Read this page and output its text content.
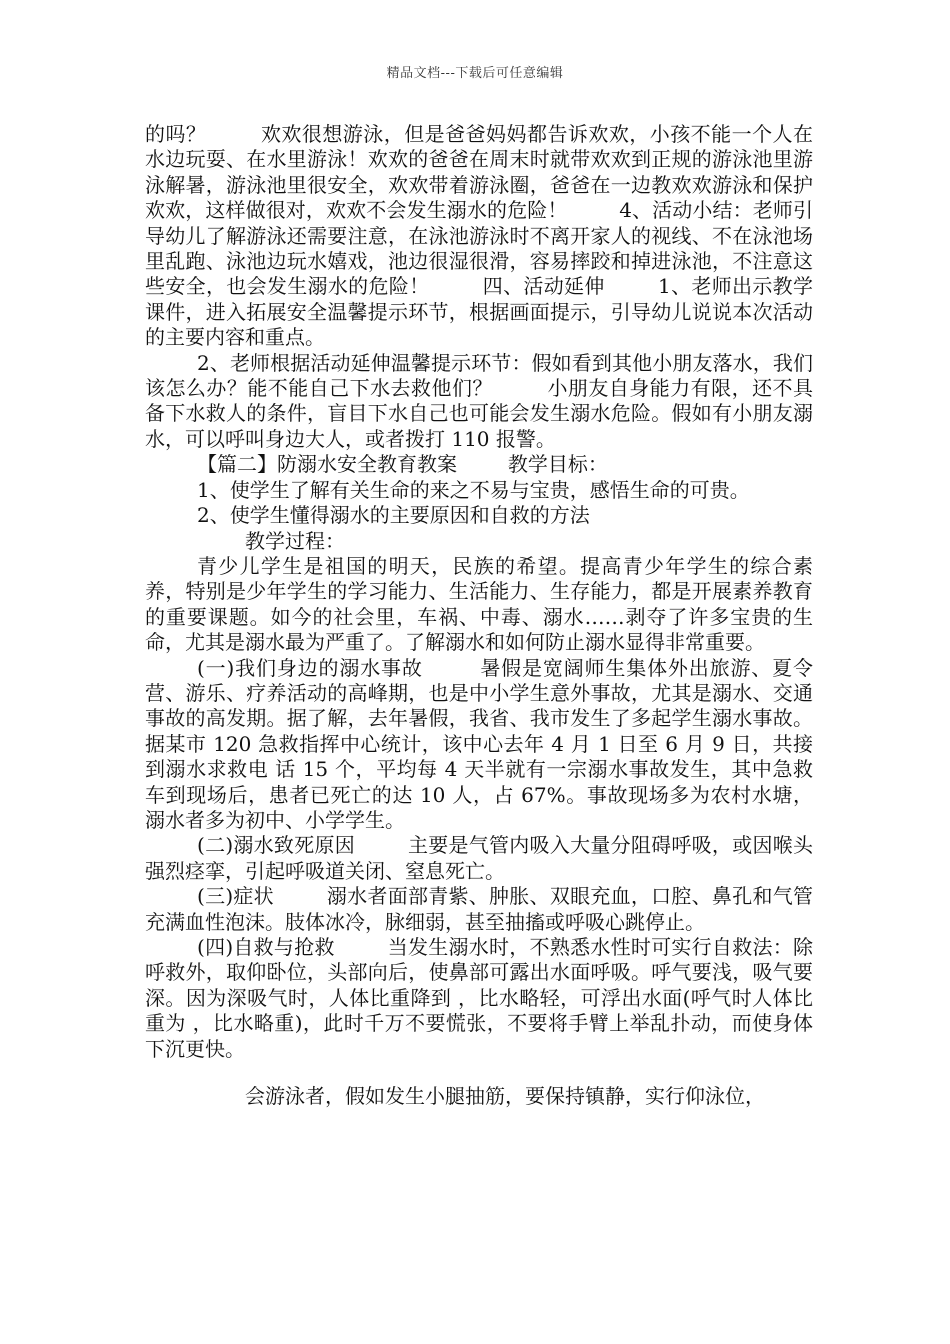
精品文档---下载后可任意编辑

的吗？        欢欢很想游泳，但是爸爸妈妈都告诉欢欢，小孩不能一个人在水边玩耍、在水里游泳！欢欢的爸爸在周末时就带欢欢到正规的游泳池里游泳解暑，游泳池里很安全，欢欢带着游泳圈，爸爸在一边教欢欢游泳和保护欢欢，这样做很对，欢欢不会发生溺水的危险！        4、活动小结：老师引导幼儿了解游泳还需要注意，在泳池游泳时不离开家人的视线、不在泳池场里乱跑、泳池边玩水嬉戏，池边很湿很滑，容易摔跤和掉进泳池，不注意这些安全，也会发生溺水的危险！        四、活动延伸        1、老师出示教学课件，进入拓展安全温馨提示环节，根据画面提示，引导幼儿说说本次活动的主要内容和重点。

2、老师根据活动延伸温馨提示环节：假如看到其他小朋友落水，我们该怎么办？能不能自己下水去救他们？        小朋友自身能力有限，还不具备下水救人的条件，盲目下水自己也可能会发生溺水危险。假如有小朋友溺水，可以呼叫身边大人，或者拨打 110 报警。

【篇二】防溺水安全教育教案        教学目标：

1、使学生了解有关生命的来之不易与宝贵，感悟生命的可贵。

2、使学生懂得溺水的主要原因和自救的方法

教学过程：

青少儿学生是祖国的明天，民族的希望。提高青少年学生的综合素养，特别是少年学生的学习能力、生活能力、生存能力，都是开展素养教育的重要课题。如今的社会里，车祸、中毒、溺水……剥夺了许多宝贵的生命，尤其是溺水最为严重了。了解溺水和如何防止溺水显得非常重要。

(一)我们身边的溺水事故        暑假是宽阔师生集体外出旅游、夏令营、游乐、疗养活动的高峰期，也是中小学生意外事故，尤其是溺水、交通事故的高发期。据了解，去年暑假，我省、我市发生了多起学生溺水事故。据某市 120 急救指挥中心统计，该中心去年 4 月 1 日至 6 月 9 日，共接到溺水求救电 话 15 个，平均每 4 天半就有一宗溺水事故发生，其中急救车到现场后，患者已死亡的达 10 人，占 67%。事故现场多为农村水塘，溺水者多为初中、小学学生。

(二)溺水致死原因        主要是气管内吸入大量分阻碍呼吸，或因喉头强烈痉挛，引起呼吸道关闭、窒息死亡。

(三)症状        溺水者面部青紫、肿胀、双眼充血，口腔、鼻孔和气管充满血性泡沫。肢体冰冷，脉细弱，甚至抽搐或呼吸心跳停止。

(四)自救与抢救        当发生溺水时，不熟悉水性时可实行自救法：除呼救外，取仰卧位，头部向后，使鼻部可露出水面呼吸。呼气要浅，吸气要深。因为深吸气时，人体比重降到 ，比水略轻，可浮出水面(呼气时人体比重为 ，比水略重)，此时千万不要慌张，不要将手臂上举乱扑动，而使身体下沉更快。

会游泳者，假如发生小腿抽筋，要保持镇静，实行仰泳位，
